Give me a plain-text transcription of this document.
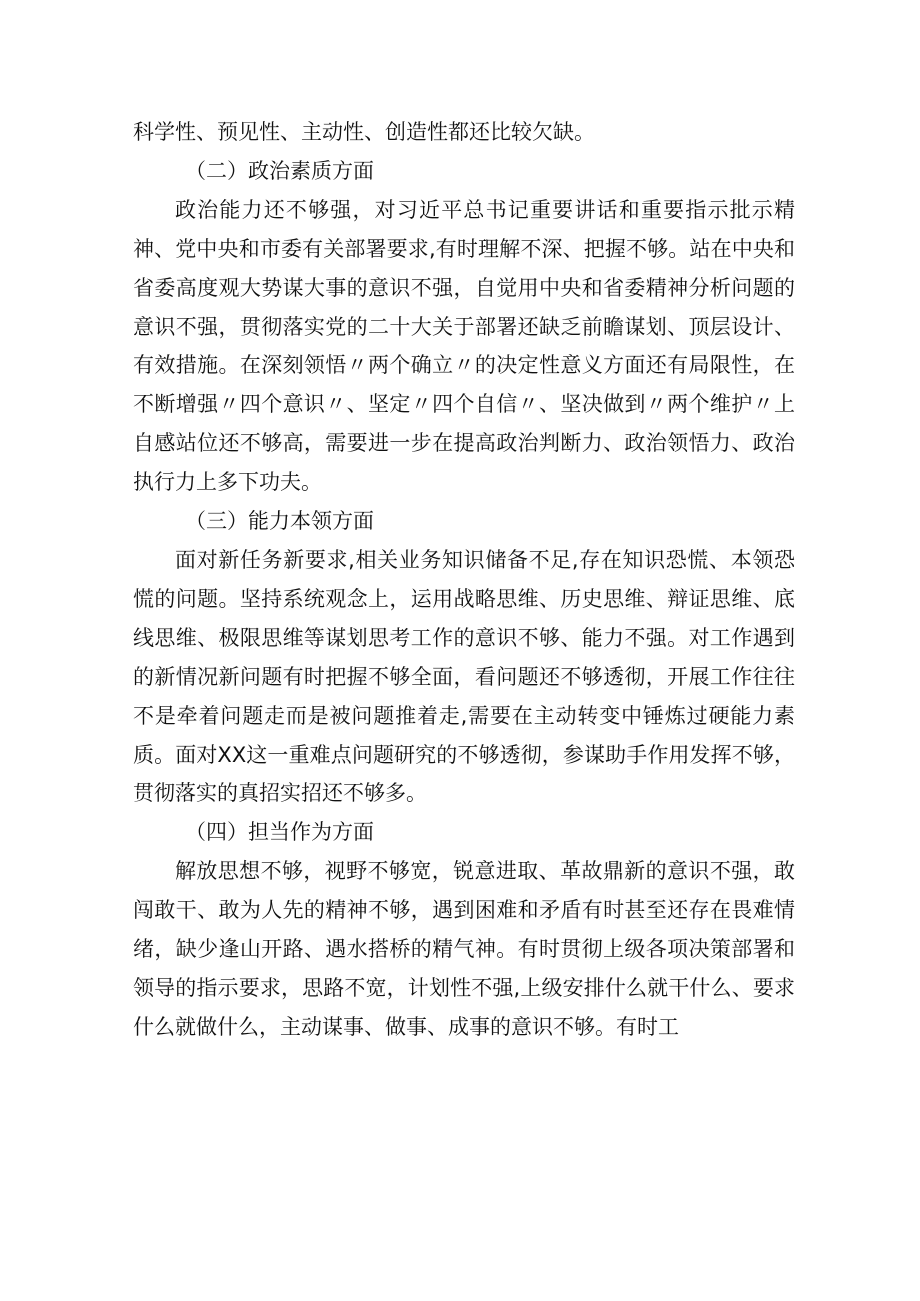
科学性、预见性、主动性、创造性都还比较欠缺。

（二）政治素质方面

政治能力还不够强，对习近平总书记重要讲话和重要指示批示精神、党中央和市委有关部署要求,有时理解不深、把握不够。站在中央和省委高度观大势谋大事的意识不强，自觉用中央和省委精神分析问题的意识不强，贯彻落实党的二十大关于部署还缺乏前瞻谋划、顶层设计、有效措施。在深刻领悟〃两个确立〃的决定性意义方面还有局限性，在不断增强〃四个意识〃、坚定〃四个自信〃、坚决做到〃两个维护〃上自感站位还不够高，需要进一步在提高政治判断力、政治领悟力、政治执行力上多下功夫。

（三）能力本领方面

面对新任务新要求,相关业务知识储备不足,存在知识恐慌、本领恐慌的问题。坚持系统观念上，运用战略思维、历史思维、辩证思维、底线思维、极限思维等谋划思考工作的意识不够、能力不强。对工作遇到的新情况新问题有时把握不够全面，看问题还不够透彻，开展工作往往不是牵着问题走而是被问题推着走,需要在主动转变中锤炼过硬能力素质。面对XX这一重难点问题研究的不够透彻，参谋助手作用发挥不够，贯彻落实的真招实招还不够多。

（四）担当作为方面

解放思想不够，视野不够宽，锐意进取、革故鼎新的意识不强，敢闯敢干、敢为人先的精神不够，遇到困难和矛盾有时甚至还存在畏难情绪，缺少逢山开路、遇水搭桥的精气神。有时贯彻上级各项决策部署和领导的指示要求，思路不宽，计划性不强,上级安排什么就干什么、要求什么就做什么，主动谋事、做事、成事的意识不够。有时工
